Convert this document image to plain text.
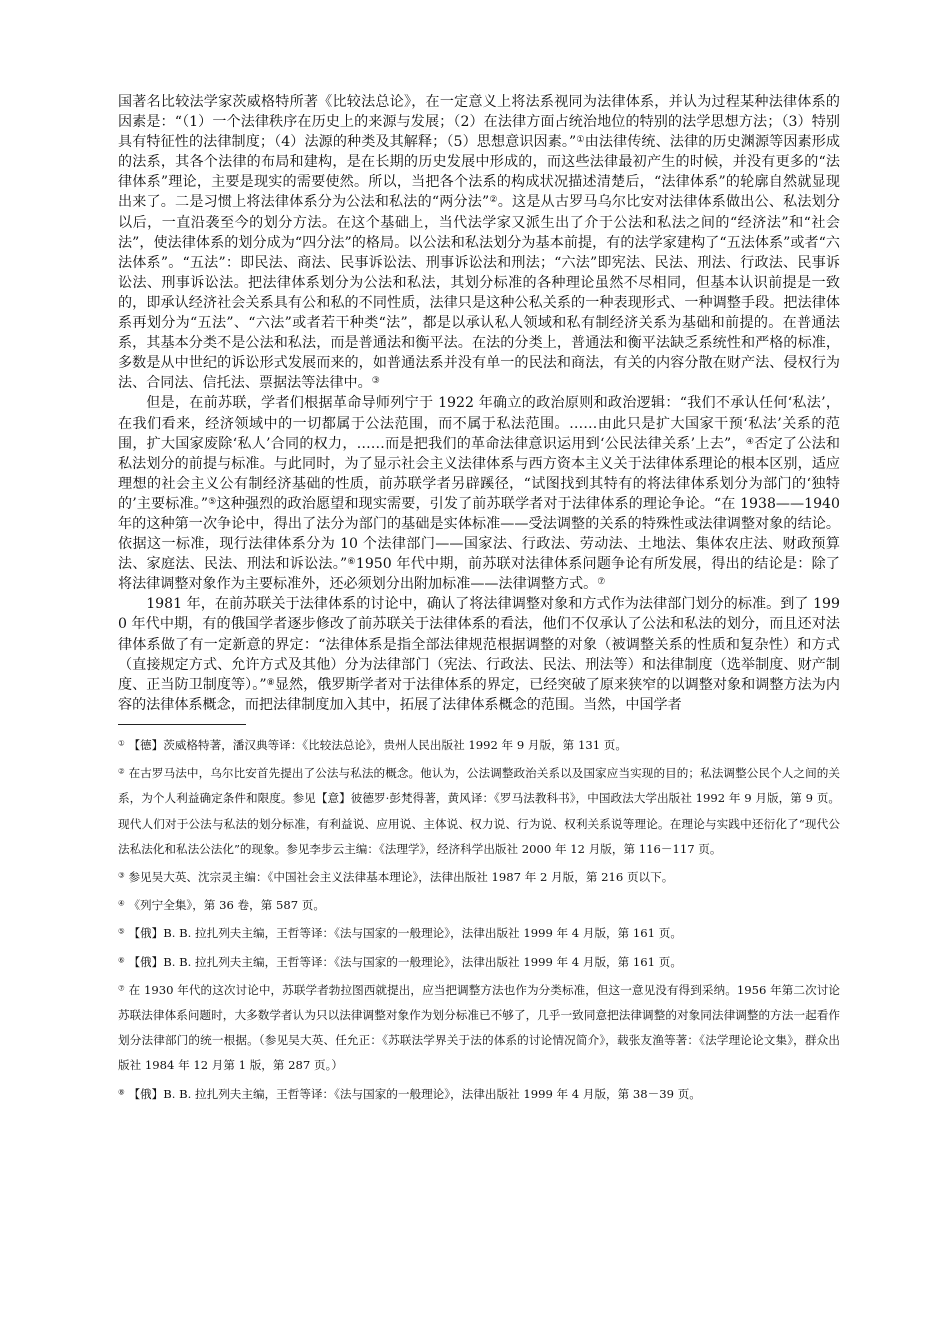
国著名比较法学家茨威格特所著《比较法总论》，在一定意义上将法系视同为法律体系，并认为过程某种法律体系的因素是：“（1）一个法律秩序在历史上的来源与发展；（2）在法律方面占统治地位的特别的法学思想方法；（3）特别具有特征性的法律制度；（4）法源的种类及其解释；（5）思想意识因素。”①由法律传统、法律的历史渊源等因素形成的法系，其各个法律的布局和建构，是在长期的历史发展中形成的，而这些法律最初产生的时候，并没有更多的“法律体系”理论，主要是现实的需要使然。所以，当把各个法系的构成状况描述清楚后，“法律体系”的轮廓自然就显现出来了。二是习惯上将法律体系分为公法和私法的“两分法”②。这是从古罗马乌尔比安对法律体系做出公、私法划分以后，一直沿袭至今的划分方法。在这个基础上，当代法学家又派生出了介于公法和私法之间的“经济法”和“社会法”，使法律体系的划分成为“四分法”的格局。以公法和私法划分为基本前提，有的法学家建构了“五法体系”或者“六法体系”。“五法”：即民法、商法、民事诉讼法、刑事诉讼法和刑法；“六法”即宪法、民法、刑法、行政法、民事诉讼法、刑事诉讼法。把法律体系划分为公法和私法，其划分标准的各种理论虽然不尽相同，但基本认识前提是一致的，即承认经济社会关系具有公和私的不同性质，法律只是这种公私关系的一种表现形式、一种调整手段。把法律体系再划分为“五法”、“六法”或者若干种类“法”，都是以承认私人领域和私有制经济关系为基础和前提的。在普通法系，其基本分类不是公法和私法，而是普通法和衡平法。在法的分类上，普通法和衡平法缺乏系统性和严格的标准，多数是从中世纪的诉讼形式发展而来的，如普通法系并没有单一的民法和商法，有关的内容分散在财产法、侵权行为法、合同法、信托法、票据法等法律中。③

但是，在前苏联，学者们根据革命导师列宁于 1922 年确立的政治原则和政治逻辑：“我们不承认任何‘私法’，在我们看来，经济领域中的一切都属于公法范围，而不属于私法范围。……由此只是扩大国家干预‘私法’关系的范围，扩大国家废除‘私人’合同的权力，……而是把我们的革命法律意识运用到‘公民法律关系’上去”，④否定了公法和私法划分的前提与标准。与此同时，为了显示社会主义法律体系与西方资本主义关于法律体系理论的根本区别，适应理想的社会主义公有制经济基础的性质，前苏联学者另辟蹊径，“试图找到其特有的将法律体系划分为部门的‘独特的’主要标准。”⑤这种强烈的政治愿望和现实需要，引发了前苏联学者对于法律体系的理论争论。“在 1938——1940 年的这种第一次争论中，得出了法分为部门的基础是实体标准——受法调整的关系的特殊性或法律调整对象的结论。依据这一标准，现行法律体系分为 10 个法律部门——国家法、行政法、劳动法、土地法、集体农庄法、财政预算法、家庭法、民法、刑法和诉讼法。”⑥1950 年代中期，前苏联对法律体系问题争论有所发展，得出的结论是：除了将法律调整对象作为主要标准外，还必须划分出附加标准——法律调整方式。⑦

1981 年，在前苏联关于法律体系的讨论中，确认了将法律调整对象和方式作为法律部门划分的标准。到了 1990 年代中期，有的俄国学者逐步修改了前苏联关于法律体系的看法，他们不仅承认了公法和私法的划分，而且还对法律体系做了有一定新意的界定：“法律体系是指全部法律规范根据调整的对象（被调整关系的性质和复杂性）和方式（直接规定方式、允许方式及其他）分为法律部门（宪法、行政法、民法、刑法等）和法律制度（选举制度、财产制度、正当防卫制度等）。”⑧显然，俄罗斯学者对于法律体系的界定，已经突破了原来狭窄的以调整对象和调整方法为内容的法律体系概念，而把法律制度加入其中，拓展了法律体系概念的范围。当然，中国学者

① 【德】茨威格特著，潘汉典等译：《比较法总论》，贵州人民出版社 1992 年 9 月版，第 131 页。

② 在古罗马法中，乌尔比安首先提出了公法与私法的概念。他认为，公法调整政治关系以及国家应当实现的目的；私法调整公民个人之间的关系，为个人利益确定条件和限度。参见【意】彼德罗·彭梵得著，黄风译：《罗马法教科书》，中国政法大学出版社 1992 年 9 月版，第 9 页。现代人们对于公法与私法的划分标准，有利益说、应用说、主体说、权力说、行为说、权利关系说等理论。在理论与实践中还衍化了“现代公法私法化和私法公法化”的现象。参见李步云主编：《法理学》，经济科学出版社 2000 年 12 月版，第 116－117 页。

③ 参见吴大英、沈宗灵主编：《中国社会主义法律基本理论》，法律出版社 1987 年 2 月版，第 216 页以下。

④ 《列宁全集》，第 36 卷，第 587 页。

⑤ 【俄】B. B. 拉扎列夫主编，王哲等译：《法与国家的一般理论》，法律出版社 1999 年 4 月版，第 161 页。

⑥ 【俄】B. B. 拉扎列夫主编，王哲等译：《法与国家的一般理论》，法律出版社 1999 年 4 月版，第 161 页。

⑦ 在 1930 年代的这次讨论中，苏联学者勃拉图西就提出，应当把调整方法也作为分类标准，但这一意见没有得到采纳。1956 年第二次讨论苏联法律体系问题时，大多数学者认为只以法律调整对象作为划分标准已不够了，几乎一致同意把法律调整的对象同法律调整的方法一起看作划分法律部门的统一根据。（参见吴大英、任允正：《苏联法学界关于法的体系的讨论情况简介》，载张友渔等著：《法学理论论文集》，群众出版社 1984 年 12 月第 1 版，第 287 页。）

⑧ 【俄】B. B. 拉扎列夫主编，王哲等译：《法与国家的一般理论》，法律出版社 1999 年 4 月版，第 38－39 页。
